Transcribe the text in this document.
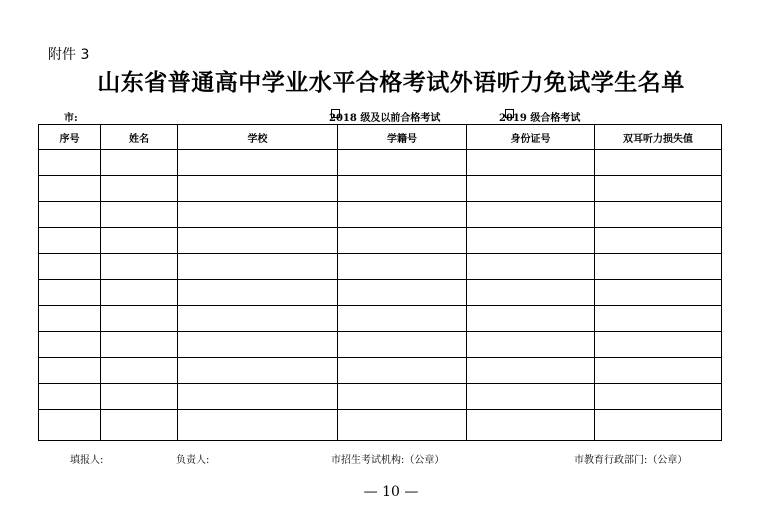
附件 3
山东省普通高中学业水平合格考试外语听力免试学生名单
市:	2018 级及以前合格考试	2019 级合格考试
序号	姓名	学校	学籍号	身份证号	双耳听力损失值

填报人:	负责人:	市招生考试机构:（公章）	市教育行政部门:（公章）
— 10 —
